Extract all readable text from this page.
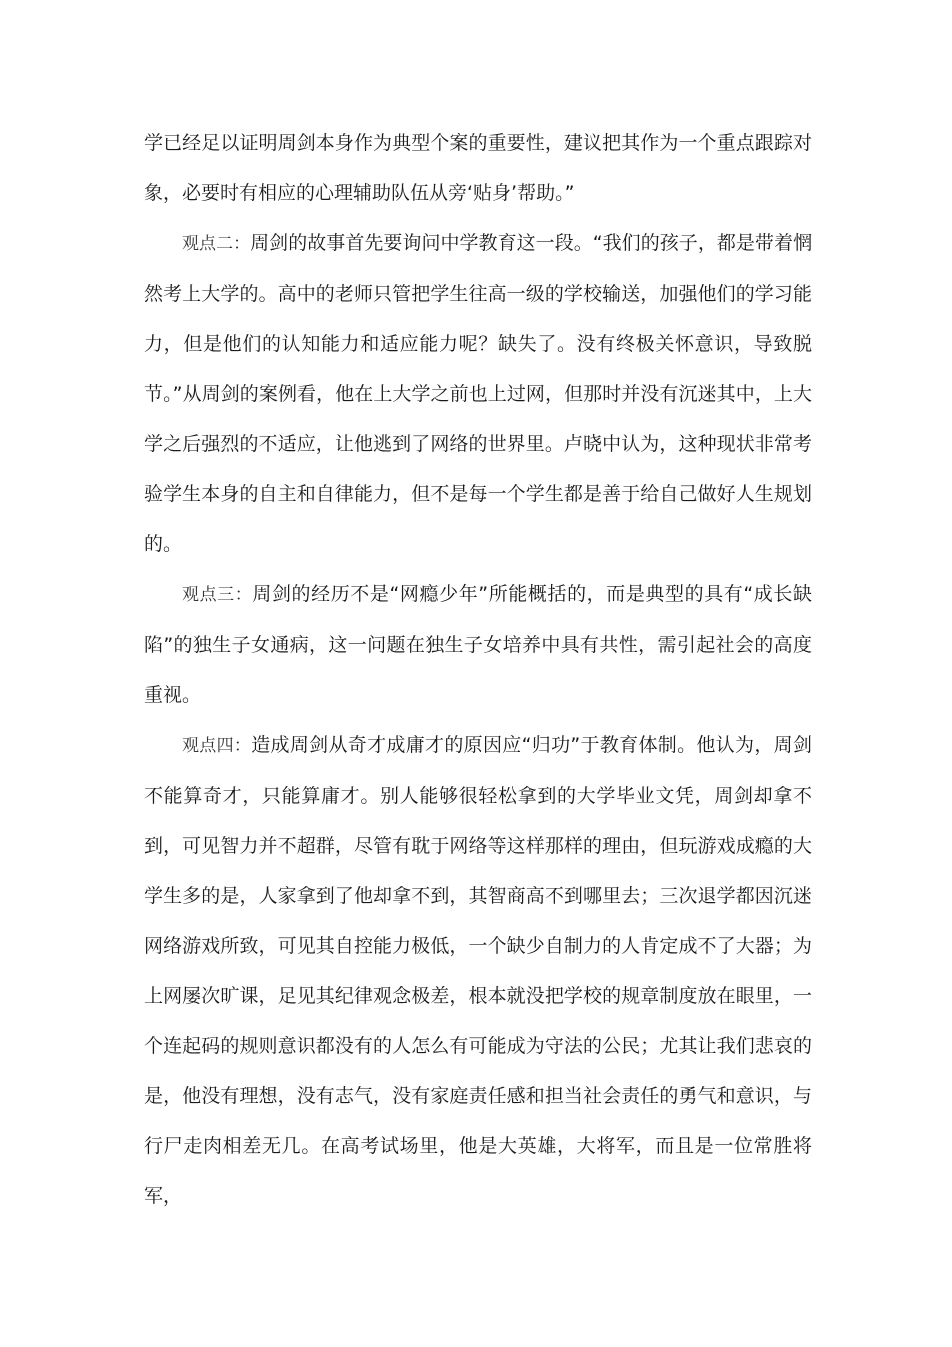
学已经足以证明周剑本身作为典型个案的重要性，建议把其作为一个重点跟踪对象，必要时有相应的心理辅助队伍从旁‘贴身’帮助。”

观点二：周剑的故事首先要询问中学教育这一段。“我们的孩子，都是带着惘然考上大学的。高中的老师只管把学生往高一级的学校输送，加强他们的学习能力，但是他们的认知能力和适应能力呢？缺失了。没有终极关怀意识，导致脱节。”从周剑的案例看，他在上大学之前也上过网，但那时并没有沉迷其中，上大学之后强烈的不适应，让他逃到了网络的世界里。卢晓中认为，这种现状非常考验学生本身的自主和自律能力，但不是每一个学生都是善于给自己做好人生规划的。

观点三：周剑的经历不是“网瘾少年”所能概括的，而是典型的具有“成长缺陷”的独生子女通病，这一问题在独生子女培养中具有共性，需引起社会的高度重视。

观点四：造成周剑从奇才成庸才的原因应“归功”于教育体制。他认为，周剑不能算奇才，只能算庸才。别人能够很轻松拿到的大学毕业文凭，周剑却拿不到，可见智力并不超群，尽管有耽于网络等这样那样的理由，但玩游戏成瘾的大学生多的是，人家拿到了他却拿不到，其智商高不到哪里去；三次退学都因沉迷网络游戏所致，可见其自控能力极低，一个缺少自制力的人肯定成不了大器；为上网屡次旷课，足见其纪律观念极差，根本就没把学校的规章制度放在眼里，一个连起码的规则意识都没有的人怎么有可能成为守法的公民；尤其让我们悲哀的是，他没有理想，没有志气，没有家庭责任感和担当社会责任的勇气和意识，与行尸走肉相差无几。在高考试场里，他是大英雄，大将军，而且是一位常胜将军，
